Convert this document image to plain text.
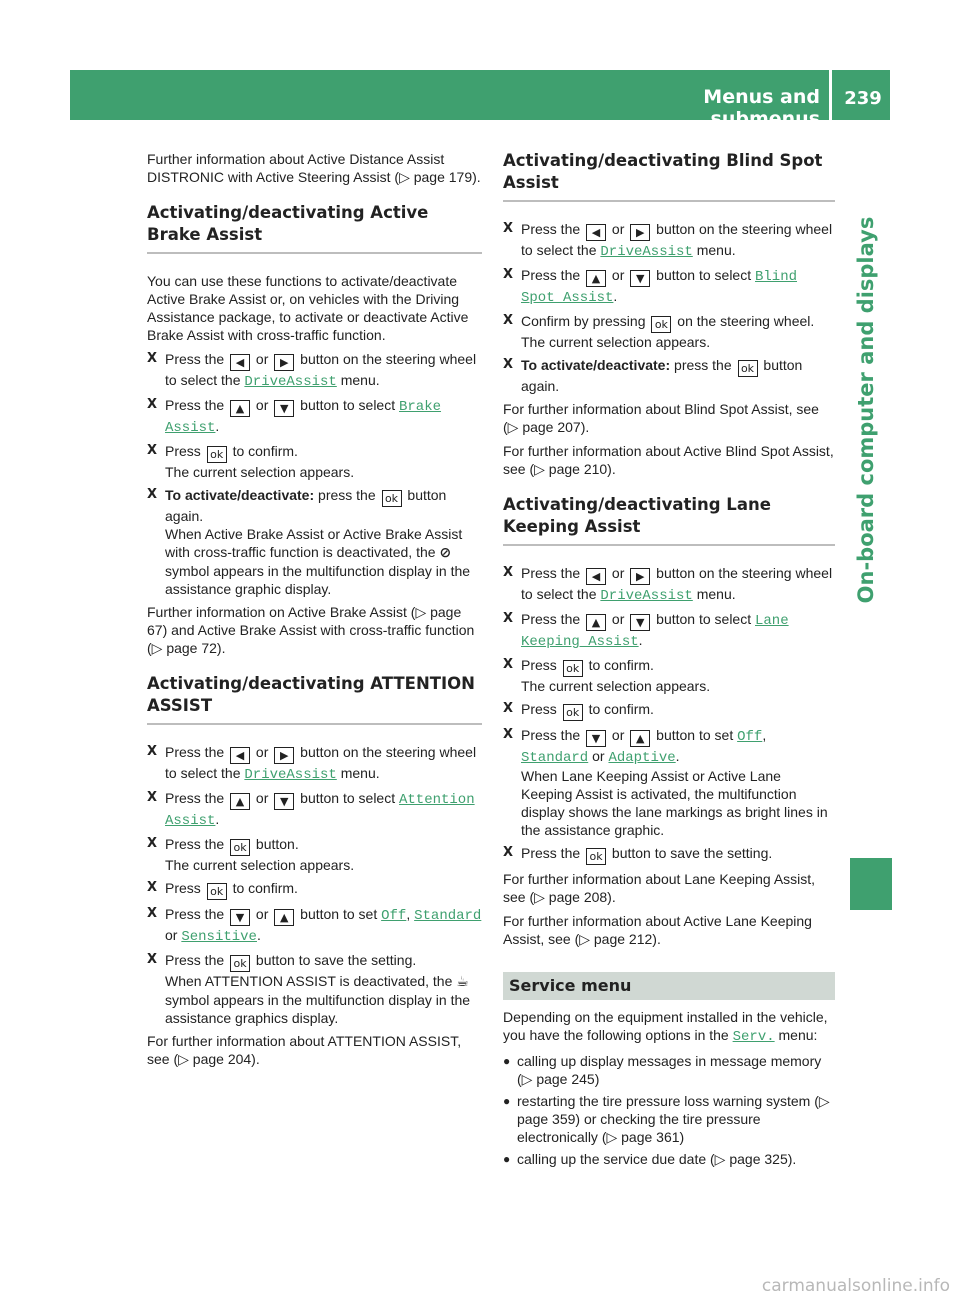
Menus and submenus
239
On-board computer and displays

Further information about Active Distance Assist DISTRONIC with Active Steering Assist (▷ page 179).

Activating/deactivating Active Brake Assist

You can use these functions to activate/deactivate Active Brake Assist or, on vehicles with the Driving Assistance package, to activate or deactivate Active Brake Assist with cross-traffic function.

X Press the ◀ or ▶ button on the steering wheel to select the DriveAssist menu.
X Press the ▲ or ▼ button to select Brake Assist.
X Press ok to confirm.
The current selection appears.
X To activate/deactivate: press the ok button again.
When Active Brake Assist or Active Brake Assist with cross-traffic function is deactivated, the ⊘ symbol appears in the multifunction display in the assistance graphic display.

Further information on Active Brake Assist (▷ page 67) and Active Brake Assist with cross-traffic function (▷ page 72).

Activating/deactivating ATTENTION ASSIST
X Press the ◀ or ▶ button on the steering wheel to select the DriveAssist menu.
X Press the ▲ or ▼ button to select Attention Assist.
X Press the ok button.
The current selection appears.
X Press ok to confirm.
X Press the ▼ or ▲ button to set Off, Standard or Sensitive.
X Press the ok button to save the setting.
When ATTENTION ASSIST is deactivated, the ☕ symbol appears in the multifunction display in the assistance graphics display.

For further information about ATTENTION ASSIST, see (▷ page 204).

Activating/deactivating Blind Spot Assist
X Press the ◀ or ▶ button on the steering wheel to select the DriveAssist menu.
X Press the ▲ or ▼ button to select Blind Spot Assist.
X Confirm by pressing ok on the steering wheel.
The current selection appears.
X To activate/deactivate: press the ok button again.

For further information about Blind Spot Assist, see (▷ page 207).

For further information about Active Blind Spot Assist, see (▷ page 210).

Activating/deactivating Lane Keeping Assist
X Press the ◀ or ▶ button on the steering wheel to select the DriveAssist menu.
X Press the ▲ or ▼ button to select Lane Keeping Assist.
X Press ok to confirm.
The current selection appears.
X Press ok to confirm.
X Press the ▼ or ▲ button to set Off, Standard or Adaptive.
When Lane Keeping Assist or Active Lane Keeping Assist is activated, the multifunction display shows the lane markings as bright lines in the assistance graphic.
X Press the ok button to save the setting.

For further information about Lane Keeping Assist, see (▷ page 208).

For further information about Active Lane Keeping Assist, see (▷ page 212).

Service menu

Depending on the equipment installed in the vehicle, you have the following options in the Serv. menu:

● calling up display messages in message memory (▷ page 245)
● restarting the tire pressure loss warning system (▷ page 359) or checking the tire pressure electronically (▷ page 361)
● calling up the service due date (▷ page 325).
carmanualsonline.info
